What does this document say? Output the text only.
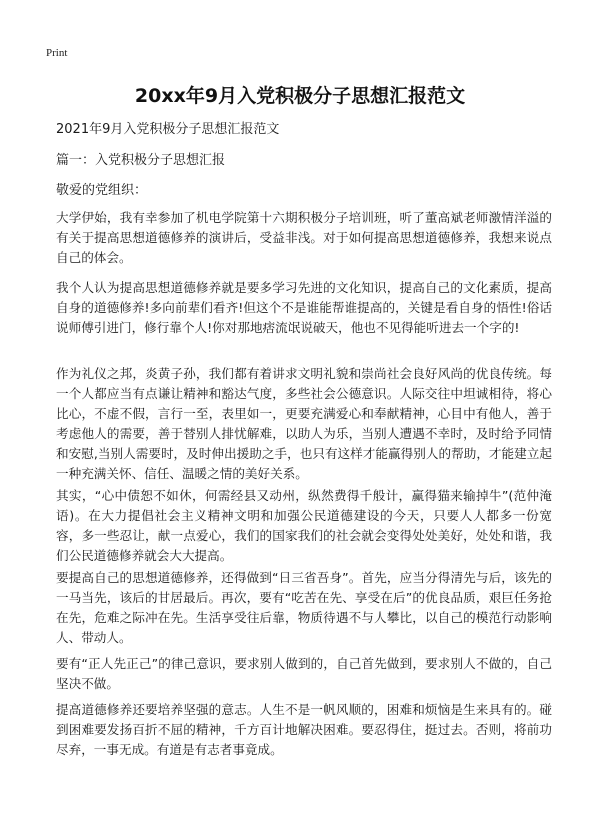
Print
20xx年9月入党积极分子思想汇报范文
2021年9月入党积极分子思想汇报范文
篇一：入党积极分子思想汇报
敬爱的党组织：
大学伊始，我有幸参加了机电学院第十六期积极分子培训班，听了董高斌老师激情洋溢的有关于提高思想道德修养的演讲后，受益非浅。对于如何提高思想道德修养，我想来说点自己的体会。
我个人认为提高思想道德修养就是要多学习先进的文化知识，提高自己的文化素质，提高自身的道德修养!多向前辈们看齐!但这个不是谁能帮谁提高的，关键是看自身的悟性!俗话说师傅引进门，修行靠个人!你对那地痞流氓说破天，他也不见得能听进去一个字的!
作为礼仪之邦，炎黄子孙，我们都有着讲求文明礼貌和崇尚社会良好风尚的优良传统。每一个人都应当有点谦让精神和豁达气度，多些社会公德意识。人际交往中坦诚相待，将心比心，不虚不假，言行一至，表里如一，更要充满爱心和奉献精神，心目中有他人，善于考虑他人的需要，善于替别人排忧解难，以助人为乐，当别人遭遇不幸时，及时给予同情和安慰,当别人需要时，及时伸出援助之手，也只有这样才能赢得别人的帮助，才能建立起一种充满关怀、信任、温暖之情的美好关系。
其实，“心中债恕不如休，何需经县又动州，纵然费得千般计，赢得猫来输掉牛”(范仲淹语)。在大力提倡社会主义精神文明和加强公民道德建设的今天，只要人人都多一份宽容，多一些忍让，献一点爱心，我们的国家我们的社会就会变得处处美好，处处和谐，我们公民道德修养就会大大提高。
要提高自己的思想道德修养，还得做到“日三省吾身”。首先，应当分得清先与后，该先的一马当先，该后的甘居最后。再次，要有“吃苦在先、享受在后”的优良品质，艰巨任务抢在先，危难之际冲在先。生活享受往后靠，物质待遇不与人攀比，以自己的模范行动影响人、带动人。
要有“正人先正己”的律己意识，要求别人做到的，自己首先做到，要求别人不做的，自己坚决不做。
提高道德修养还要培养坚强的意志。人生不是一帆风顺的，困难和烦恼是生来具有的。碰到困难要发扬百折不屈的精神，千方百计地解决困难。要忍得住，挺过去。否则，将前功尽弃，一事无成。有道是有志者事竟成。
